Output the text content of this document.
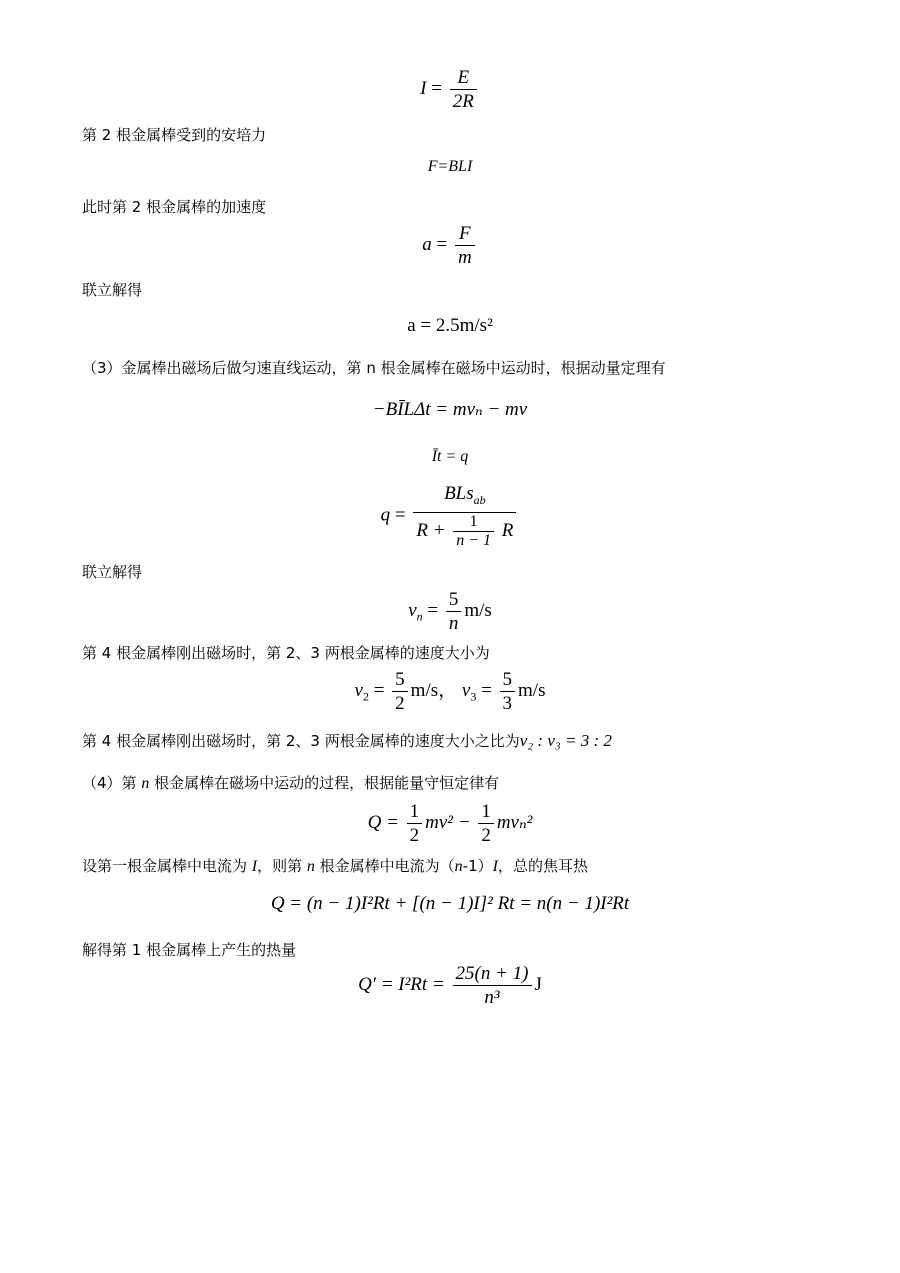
$I = \frac{E}{2R}$
第 2 根金属棒受到的安培力
F=BLI
此时第 2 根金属棒的加速度
$a = \frac{F}{m}$
联立解得
a = 2.5m/s²
（3）金属棒出磁场后做匀速直线运动，第 n 根金属棒在磁场中运动时，根据动量定理有
−BĪLΔt = mvₙ − mv
Īt = q
q =
BLs$_{ab}$
$R + \frac{1}{n - 1}$ R
联立解得
$v_n = \frac{5}{n} m/s$
第 4 根金属棒刚出磁场时，第 2、3 两根金属棒的速度大小为
$v_2 = \frac{5}{2} m/s$， $v_3 = \frac{5}{3} m/s$
第 4 根金属棒刚出磁场时，第 2、3 两根金属棒的速度大小之比为v₂ : v₃ = 3 : 2
（4）第 n 根金属棒在磁场中运动的过程，根据能量守恒定律有
$Q = \frac{1}{2} mv^2 - \frac{1}{2} mv_n^2$
设第一根金属棒中电流为 I，则第 n 根金属棒中电流为（n-1）I，总的焦耳热
Q = (n − 1)I²Rt + [(n − 1)I]² Rt = n(n − 1)I²Rt
解得第 1 根金属棒上产生的热量
$Q' = I^2Rt = \frac{25(n + 1)}{\text{n³}}$ J
